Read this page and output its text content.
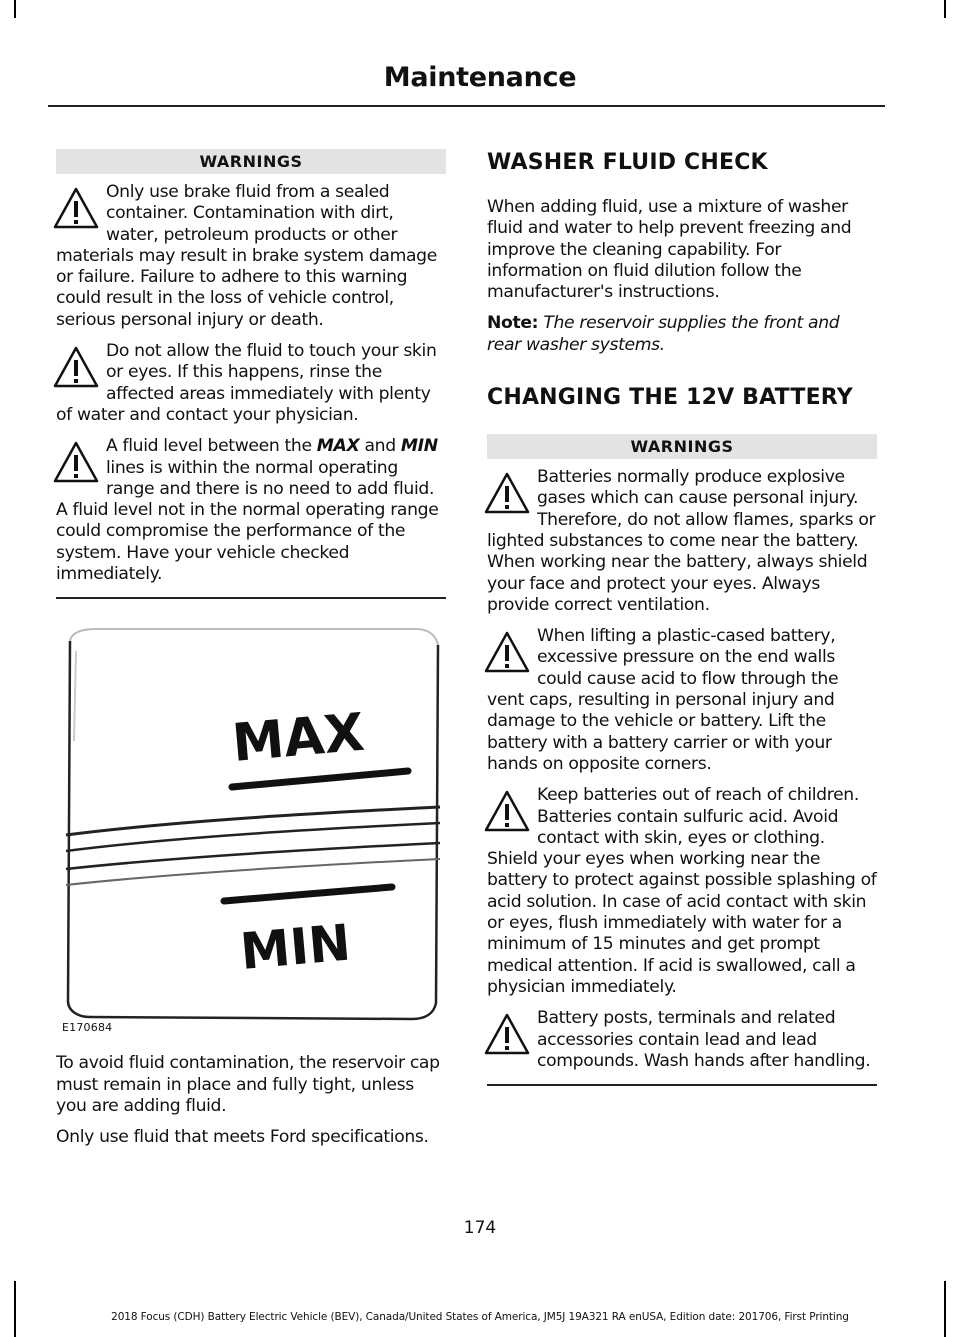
Maintenance
WARNINGS

Only use brake fluid from a sealed container. Contamination with dirt, water, petroleum products or other materials may result in brake system damage or failure. Failure to adhere to this warning could result in the loss of vehicle control, serious personal injury or death.

Do not allow the fluid to touch your skin or eyes. If this happens, rinse the affected areas immediately with plenty of water and contact your physician.

A fluid level between the MAX and MIN lines is within the normal operating range and there is no need to add fluid. A fluid level not in the normal operating range could compromise the performance of the system. Have your vehicle checked immediately.

MAX
MIN
E170684

To avoid fluid contamination, the reservoir cap must remain in place and fully tight, unless you are adding fluid.

Only use fluid that meets Ford specifications.

WASHER FLUID CHECK

When adding fluid, use a mixture of washer fluid and water to help prevent freezing and improve the cleaning capability. For information on fluid dilution follow the manufacturer's instructions.

Note: The reservoir supplies the front and rear washer systems.

CHANGING THE 12V BATTERY
WARNINGS

Batteries normally produce explosive gases which can cause personal injury. Therefore, do not allow flames, sparks or lighted substances to come near the battery. When working near the battery, always shield your face and protect your eyes. Always provide correct ventilation.

When lifting a plastic-cased battery, excessive pressure on the end walls could cause acid to flow through the vent caps, resulting in personal injury and damage to the vehicle or battery. Lift the battery with a battery carrier or with your hands on opposite corners.

Keep batteries out of reach of children. Batteries contain sulfuric acid. Avoid contact with skin, eyes or clothing. Shield your eyes when working near the battery to protect against possible splashing of acid solution. In case of acid contact with skin or eyes, flush immediately with water for a minimum of 15 minutes and get prompt medical attention. If acid is swallowed, call a physician immediately.

Battery posts, terminals and related accessories contain lead and lead compounds. Wash hands after handling.

174
2018 Focus (CDH) Battery Electric Vehicle (BEV), Canada/United States of America, JM5J 19A321 RA enUSA, Edition date: 201706, First Printing
